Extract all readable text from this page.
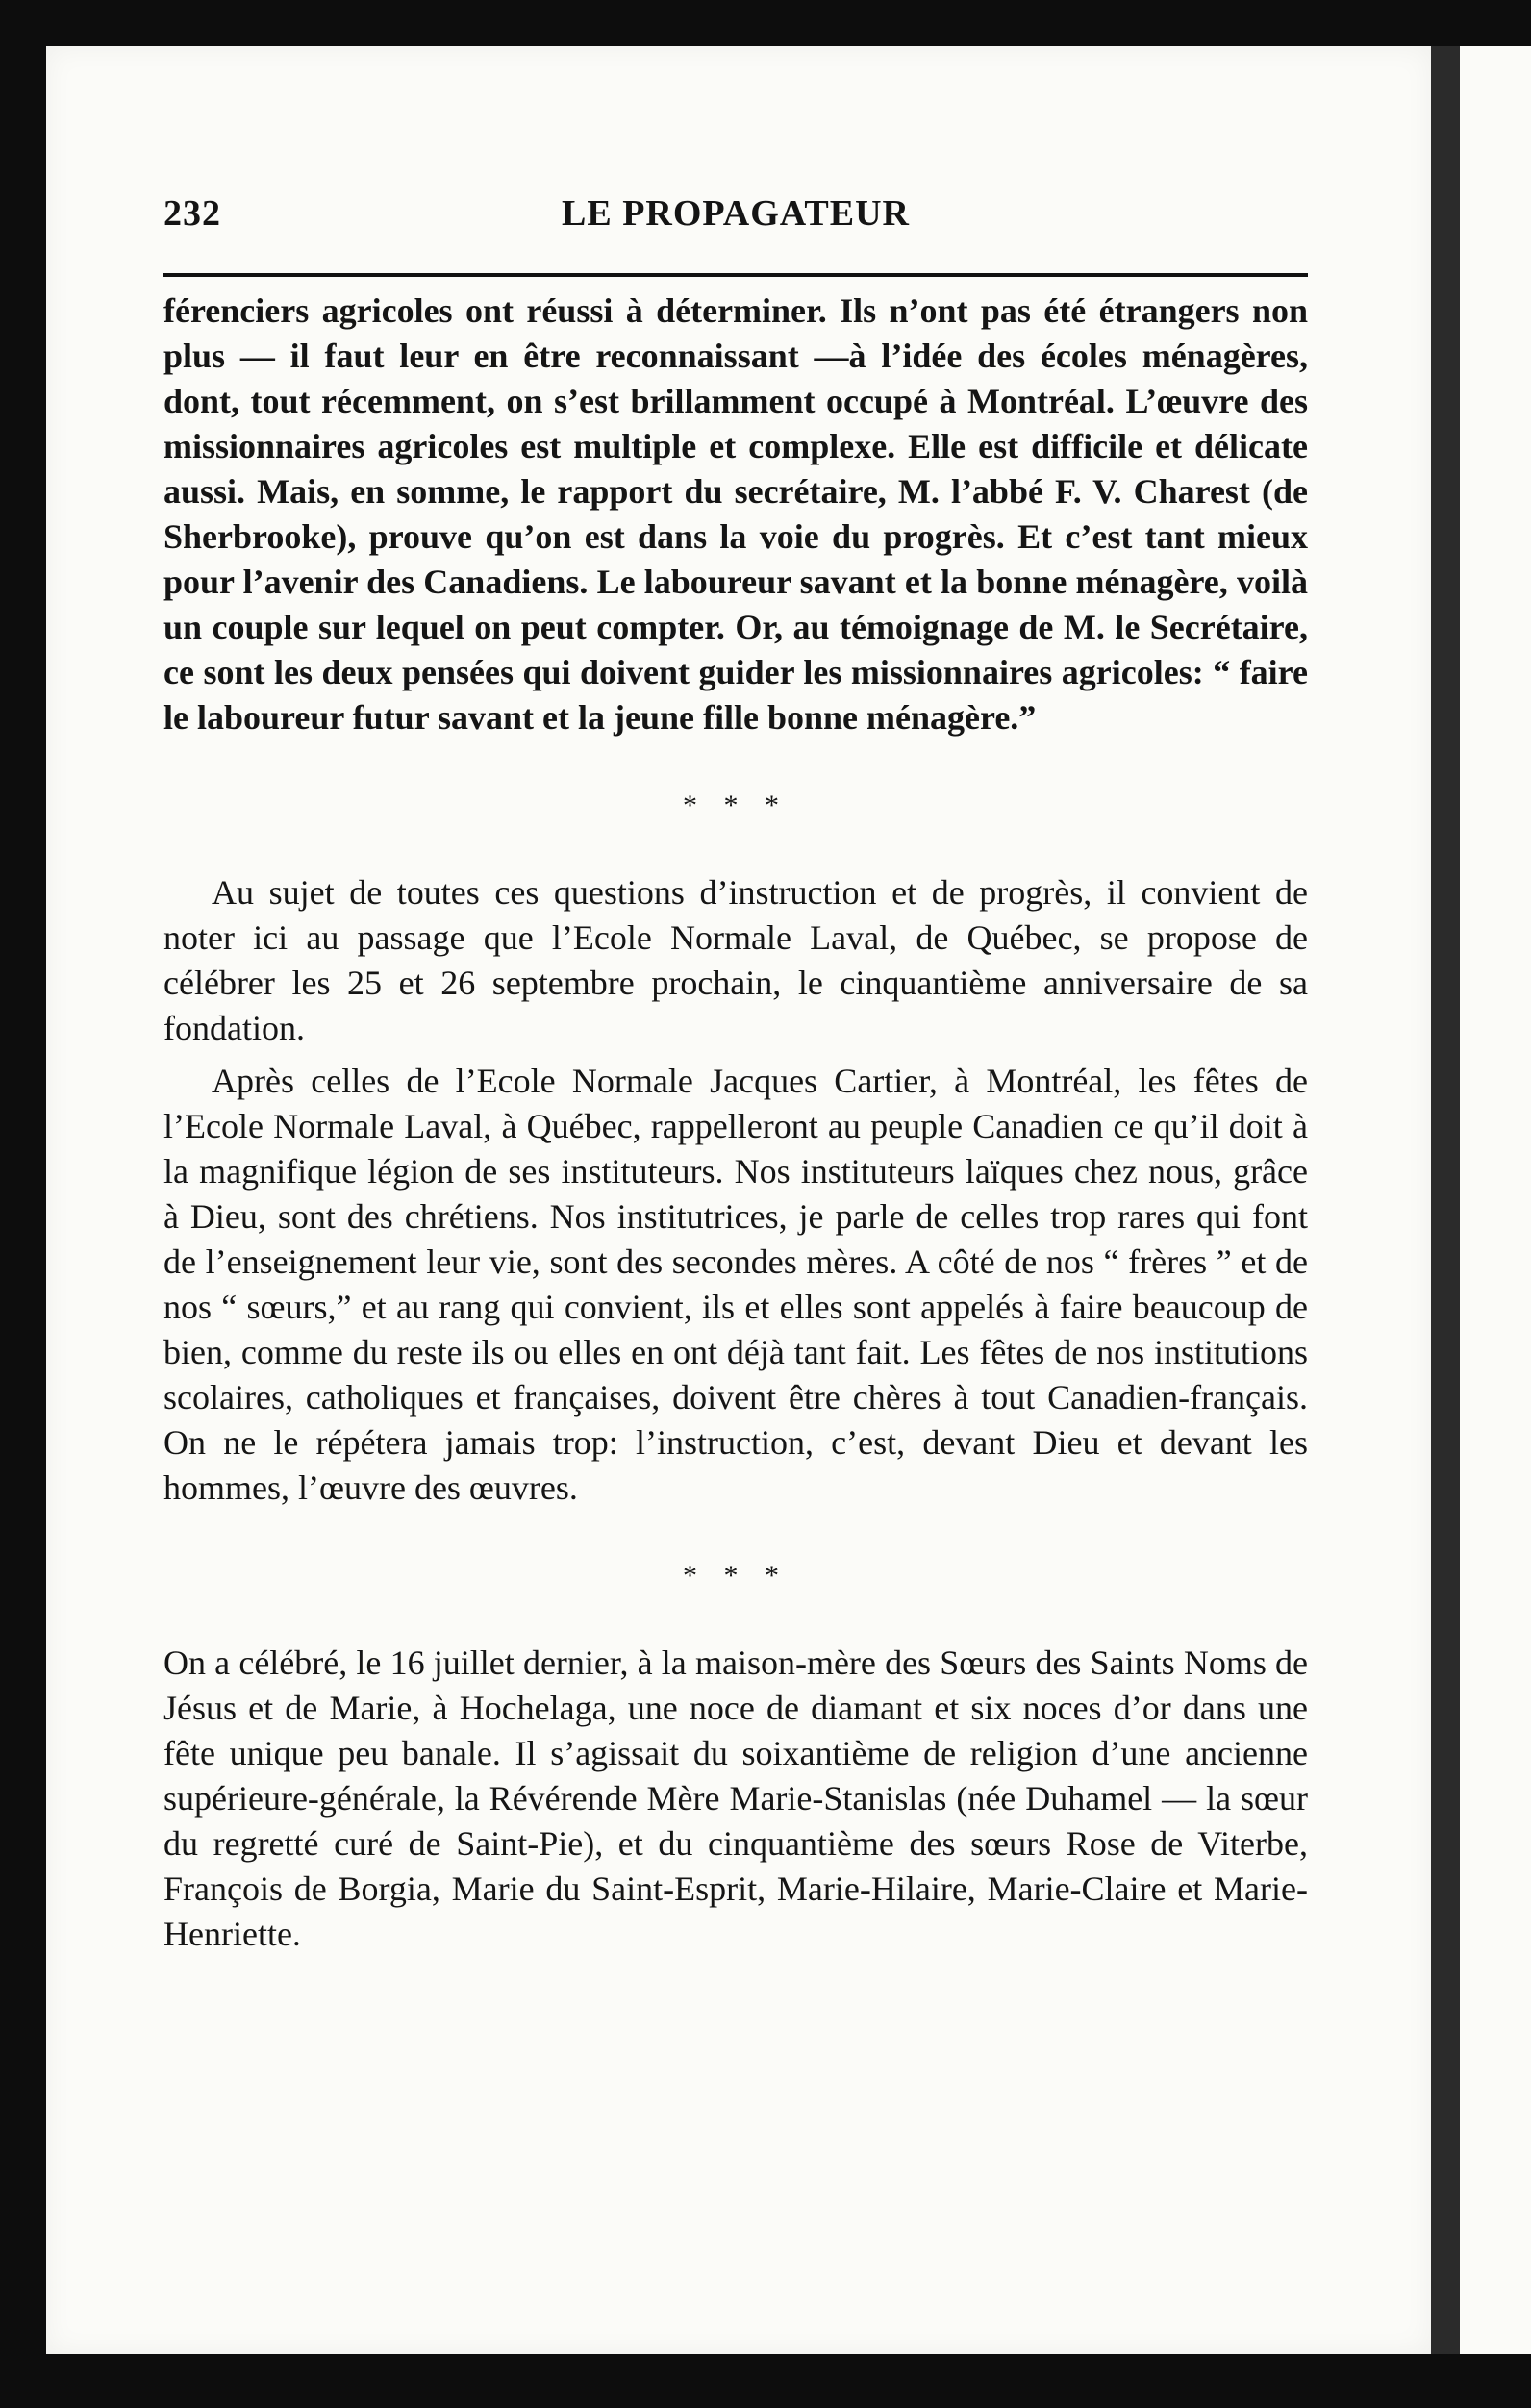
232	LE PROPAGATEUR

férenciers agricoles ont réussi à déterminer. Ils n’ont pas été étrangers non plus — il faut leur en être reconnaissant —à l’idée des écoles ménagères, dont, tout récemment, on s’est brillamment occupé à Montréal. L’œuvre des missionnaires agricoles est multiple et complexe. Elle est difficile et délicate aussi. Mais, en somme, le rapport du secrétaire, M. l’abbé F. V. Charest (de Sherbrooke), prouve qu’on est dans la voie du progrès. Et c’est tant mieux pour l’avenir des Canadiens. Le laboureur savant et la bonne ménagère, voilà un couple sur lequel on peut compter. Or, au témoignage de M. le Secrétaire, ce sont les deux pensées qui doivent guider les missionnaires agricoles: “ faire le laboureur futur savant et la jeune fille bonne ménagère.”

* * *

Au sujet de toutes ces questions d’instruction et de progrès, il convient de noter ici au passage que l’Ecole Normale Laval, de Québec, se propose de célébrer les 25 et 26 septembre prochain, le cinquantième anniversaire de sa fondation.

Après celles de l’Ecole Normale Jacques Cartier, à Montréal, les fêtes de l’Ecole Normale Laval, à Québec, rappelleront au peuple Canadien ce qu’il doit à la magnifique légion de ses instituteurs. Nos instituteurs laïques chez nous, grâce à Dieu, sont des chrétiens. Nos institutrices, je parle de celles trop rares qui font de l’enseignement leur vie, sont des secondes mères. A côté de nos “ frères ” et de nos “ sœurs,” et au rang qui convient, ils et elles sont appelés à faire beaucoup de bien, comme du reste ils ou elles en ont déjà tant fait. Les fêtes de nos institutions scolaires, catholiques et françaises, doivent être chères à tout Canadien-français. On ne le répétera jamais trop: l’instruction, c’est, devant Dieu et devant les hommes, l’œuvre des œuvres.

* * *

On a célébré, le 16 juillet dernier, à la maison-mère des Sœurs des Saints Noms de Jésus et de Marie, à Hochelaga, une noce de diamant et six noces d’or dans une fête unique peu banale. Il s’agissait du soixantième de religion d’une ancienne supérieure-générale, la Révérende Mère Marie-Stanislas (née Duhamel — la sœur du regretté curé de Saint-Pie), et du cinquantième des sœurs Rose de Viterbe, François de Borgia, Marie du Saint-Esprit, Marie-Hilaire, Marie-Claire et Marie-Henriette.
